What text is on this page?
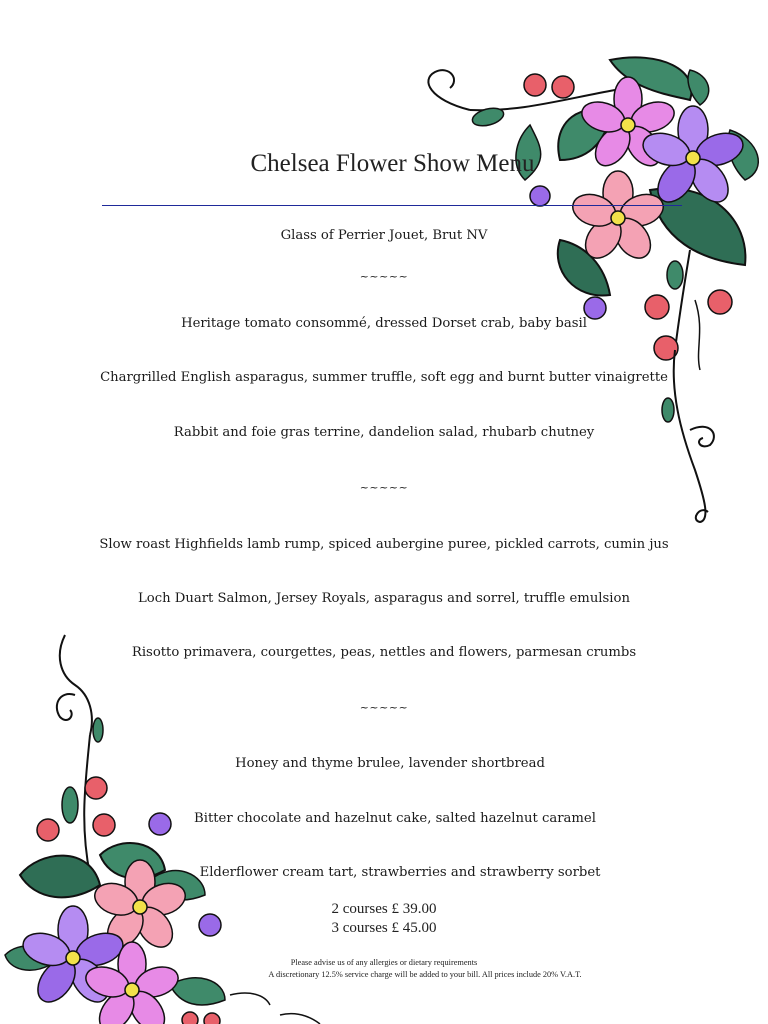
Chelsea Flower Show Menu
Glass of Perrier Jouet, Brut NV
~~~~~
Heritage tomato consommé, dressed Dorset crab, baby basil
Chargrilled English asparagus, summer truffle, soft egg and burnt butter vinaigrette
Rabbit and foie gras terrine, dandelion salad, rhubarb chutney
~~~~~
Slow roast Highfields lamb rump, spiced aubergine puree, pickled carrots, cumin jus
Loch Duart Salmon, Jersey Royals, asparagus and sorrel, truffle emulsion
Risotto primavera, courgettes, peas, nettles and flowers, parmesan crumbs
~~~~~
Honey and thyme brulee, lavender shortbread
Bitter chocolate and hazelnut cake, salted hazelnut caramel
Elderflower cream tart, strawberries and strawberry sorbet
2 courses £ 39.00
3 courses £ 45.00
Please advise us of any allergies or dietary requirements
A discretionary 12.5% service charge will be added to your bill. All prices include 20% V.A.T.
